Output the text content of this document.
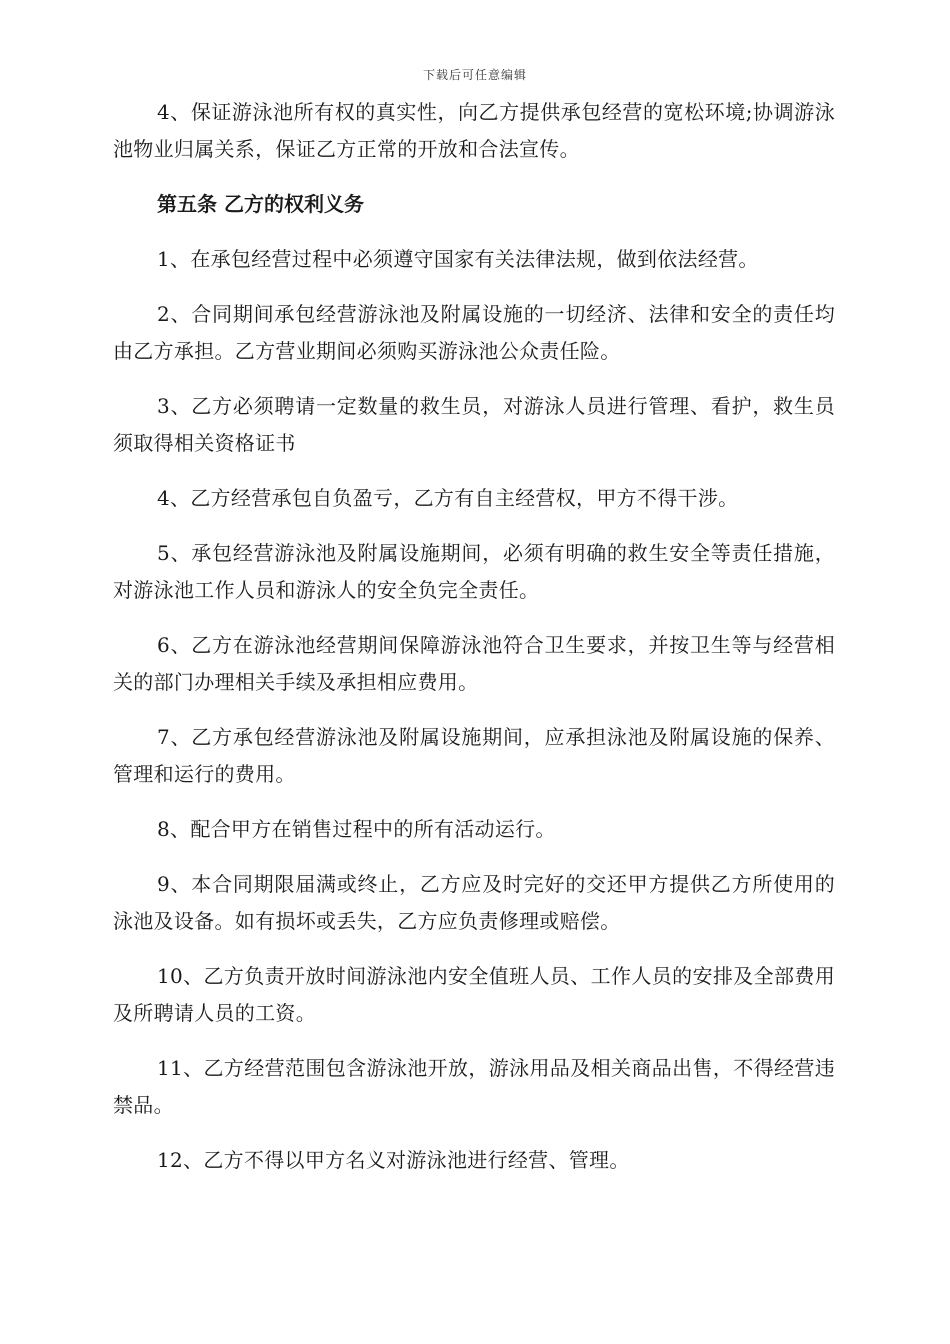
下载后可任意编辑

4、保证游泳池所有权的真实性，向乙方提供承包经营的宽松环境;协调游泳池物业归属关系，保证乙方正常的开放和合法宣传。

第五条 乙方的权利义务

1、在承包经营过程中必须遵守国家有关法律法规，做到依法经营。

2、合同期间承包经营游泳池及附属设施的一切经济、法律和安全的责任均由乙方承担。乙方营业期间必须购买游泳池公众责任险。

3、乙方必须聘请一定数量的救生员，对游泳人员进行管理、看护，救生员须取得相关资格证书

4、乙方经营承包自负盈亏，乙方有自主经营权，甲方不得干涉。

5、承包经营游泳池及附属设施期间，必须有明确的救生安全等责任措施，对游泳池工作人员和游泳人的安全负完全责任。

6、乙方在游泳池经营期间保障游泳池符合卫生要求，并按卫生等与经营相关的部门办理相关手续及承担相应费用。

7、乙方承包经营游泳池及附属设施期间，应承担泳池及附属设施的保养、管理和运行的费用。

8、配合甲方在销售过程中的所有活动运行。

9、本合同期限届满或终止，乙方应及时完好的交还甲方提供乙方所使用的泳池及设备。如有损坏或丢失，乙方应负责修理或赔偿。

10、乙方负责开放时间游泳池内安全值班人员、工作人员的安排及全部费用及所聘请人员的工资。

11、乙方经营范围包含游泳池开放，游泳用品及相关商品出售，不得经营违禁品。

12、乙方不得以甲方名义对游泳池进行经营、管理。
